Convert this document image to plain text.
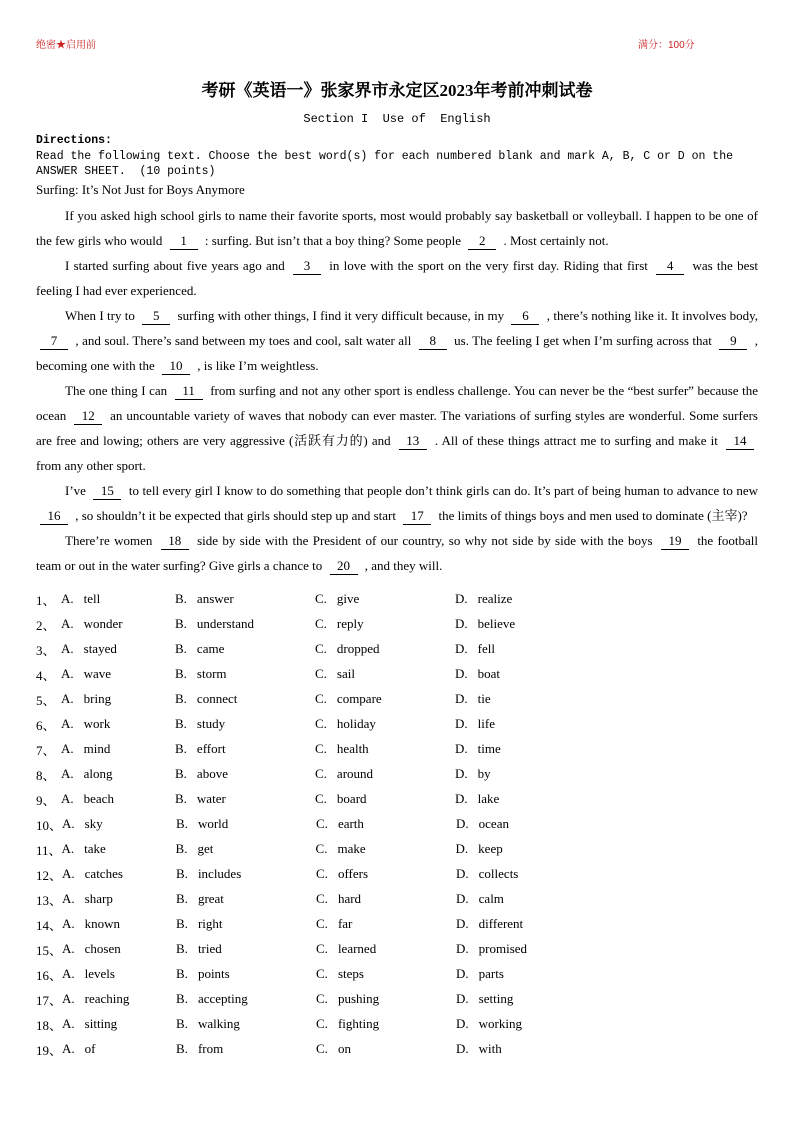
绝密★启用前	满分：100分
考研《英语一》张家界市永定区2023年考前冲刺试卷
Section I  Use of  English
Directions:
Read the following text. Choose the best word(s) for each numbered blank and mark A, B, C or D on the ANSWER SHEET.  (10 points)
Surfing: It’s Not Just for Boys Anymore

If you asked high school girls to name their favorite sports, most would probably say basketball or volleyball. I happen to be one of the few girls who would 1 : surfing. But isn’t that a boy thing? Some people 2 . Most certainly not.

I started surfing about five years ago and 3 in love with the sport on the very first day. Riding that first 4 was the best feeling I had ever experienced.

When I try to 5 surfing with other things, I find it very difficult because, in my 6 , there’s nothing like it. It involves body, 7 , and soul. There’s sand between my toes and cool, salt water all 8 us. The feeling I get when I’m surfing across that 9 , becoming one with the 10 , is like I’m weightless.

The one thing I can 11 from surfing and not any other sport is endless challenge. You can never be the “best surfer” because the ocean 12 an uncountable variety of waves that nobody can ever master. The variations of surfing styles are wonderful. Some surfers are free and lowing; others are very aggressive (活跃有力的) and 13 . All of these things attract me to surfing and make it 14 from any other sport.

I’ve 15 to tell every girl I know to do something that people don’t think girls can do. It’s part of being human to advance to new 16 , so shouldn’t it be expected that girls should step up and start 17 the limits of things boys and men used to dominate (主宰)?

There’re women 18 side by side with the President of our country, so why not side by side with the boys 19 the football team or out in the water surfing? Give girls a chance to 20 , and they will.

1、 A. tell	B. answer	C. give	D. realize
2、 A. wonder	B. understand	C. reply	D. believe
3、 A. stayed	B. came	C. dropped	D. fell
4、 A. wave	B. storm	C. sail	D. boat
5、 A. bring	B. connect	C. compare	D. tie
6、 A. work	B. study	C. holiday	D. life
7、 A. mind	B. effort	C. health	D. time
8、 A. along	B. above	C. around	D. by
9、 A. beach	B. water	C. board	D. lake
10、 A. sky	B. world	C. earth	D. ocean
11、 A. take	B. get	C. make	D. keep
12、 A. catches	B. includes	C. offers	D. collects
13、 A. sharp	B. great	C. hard	D. calm
14、 A. known	B. right	C. far	D. different
15、 A. chosen	B. tried	C. learned	D. promised
16、 A. levels	B. points	C. steps	D. parts
17、 A. reaching	B. accepting	C. pushing	D. setting
18、 A. sitting	B. walking	C. fighting	D. working
19、 A. of	B. from	C. on	D. with
